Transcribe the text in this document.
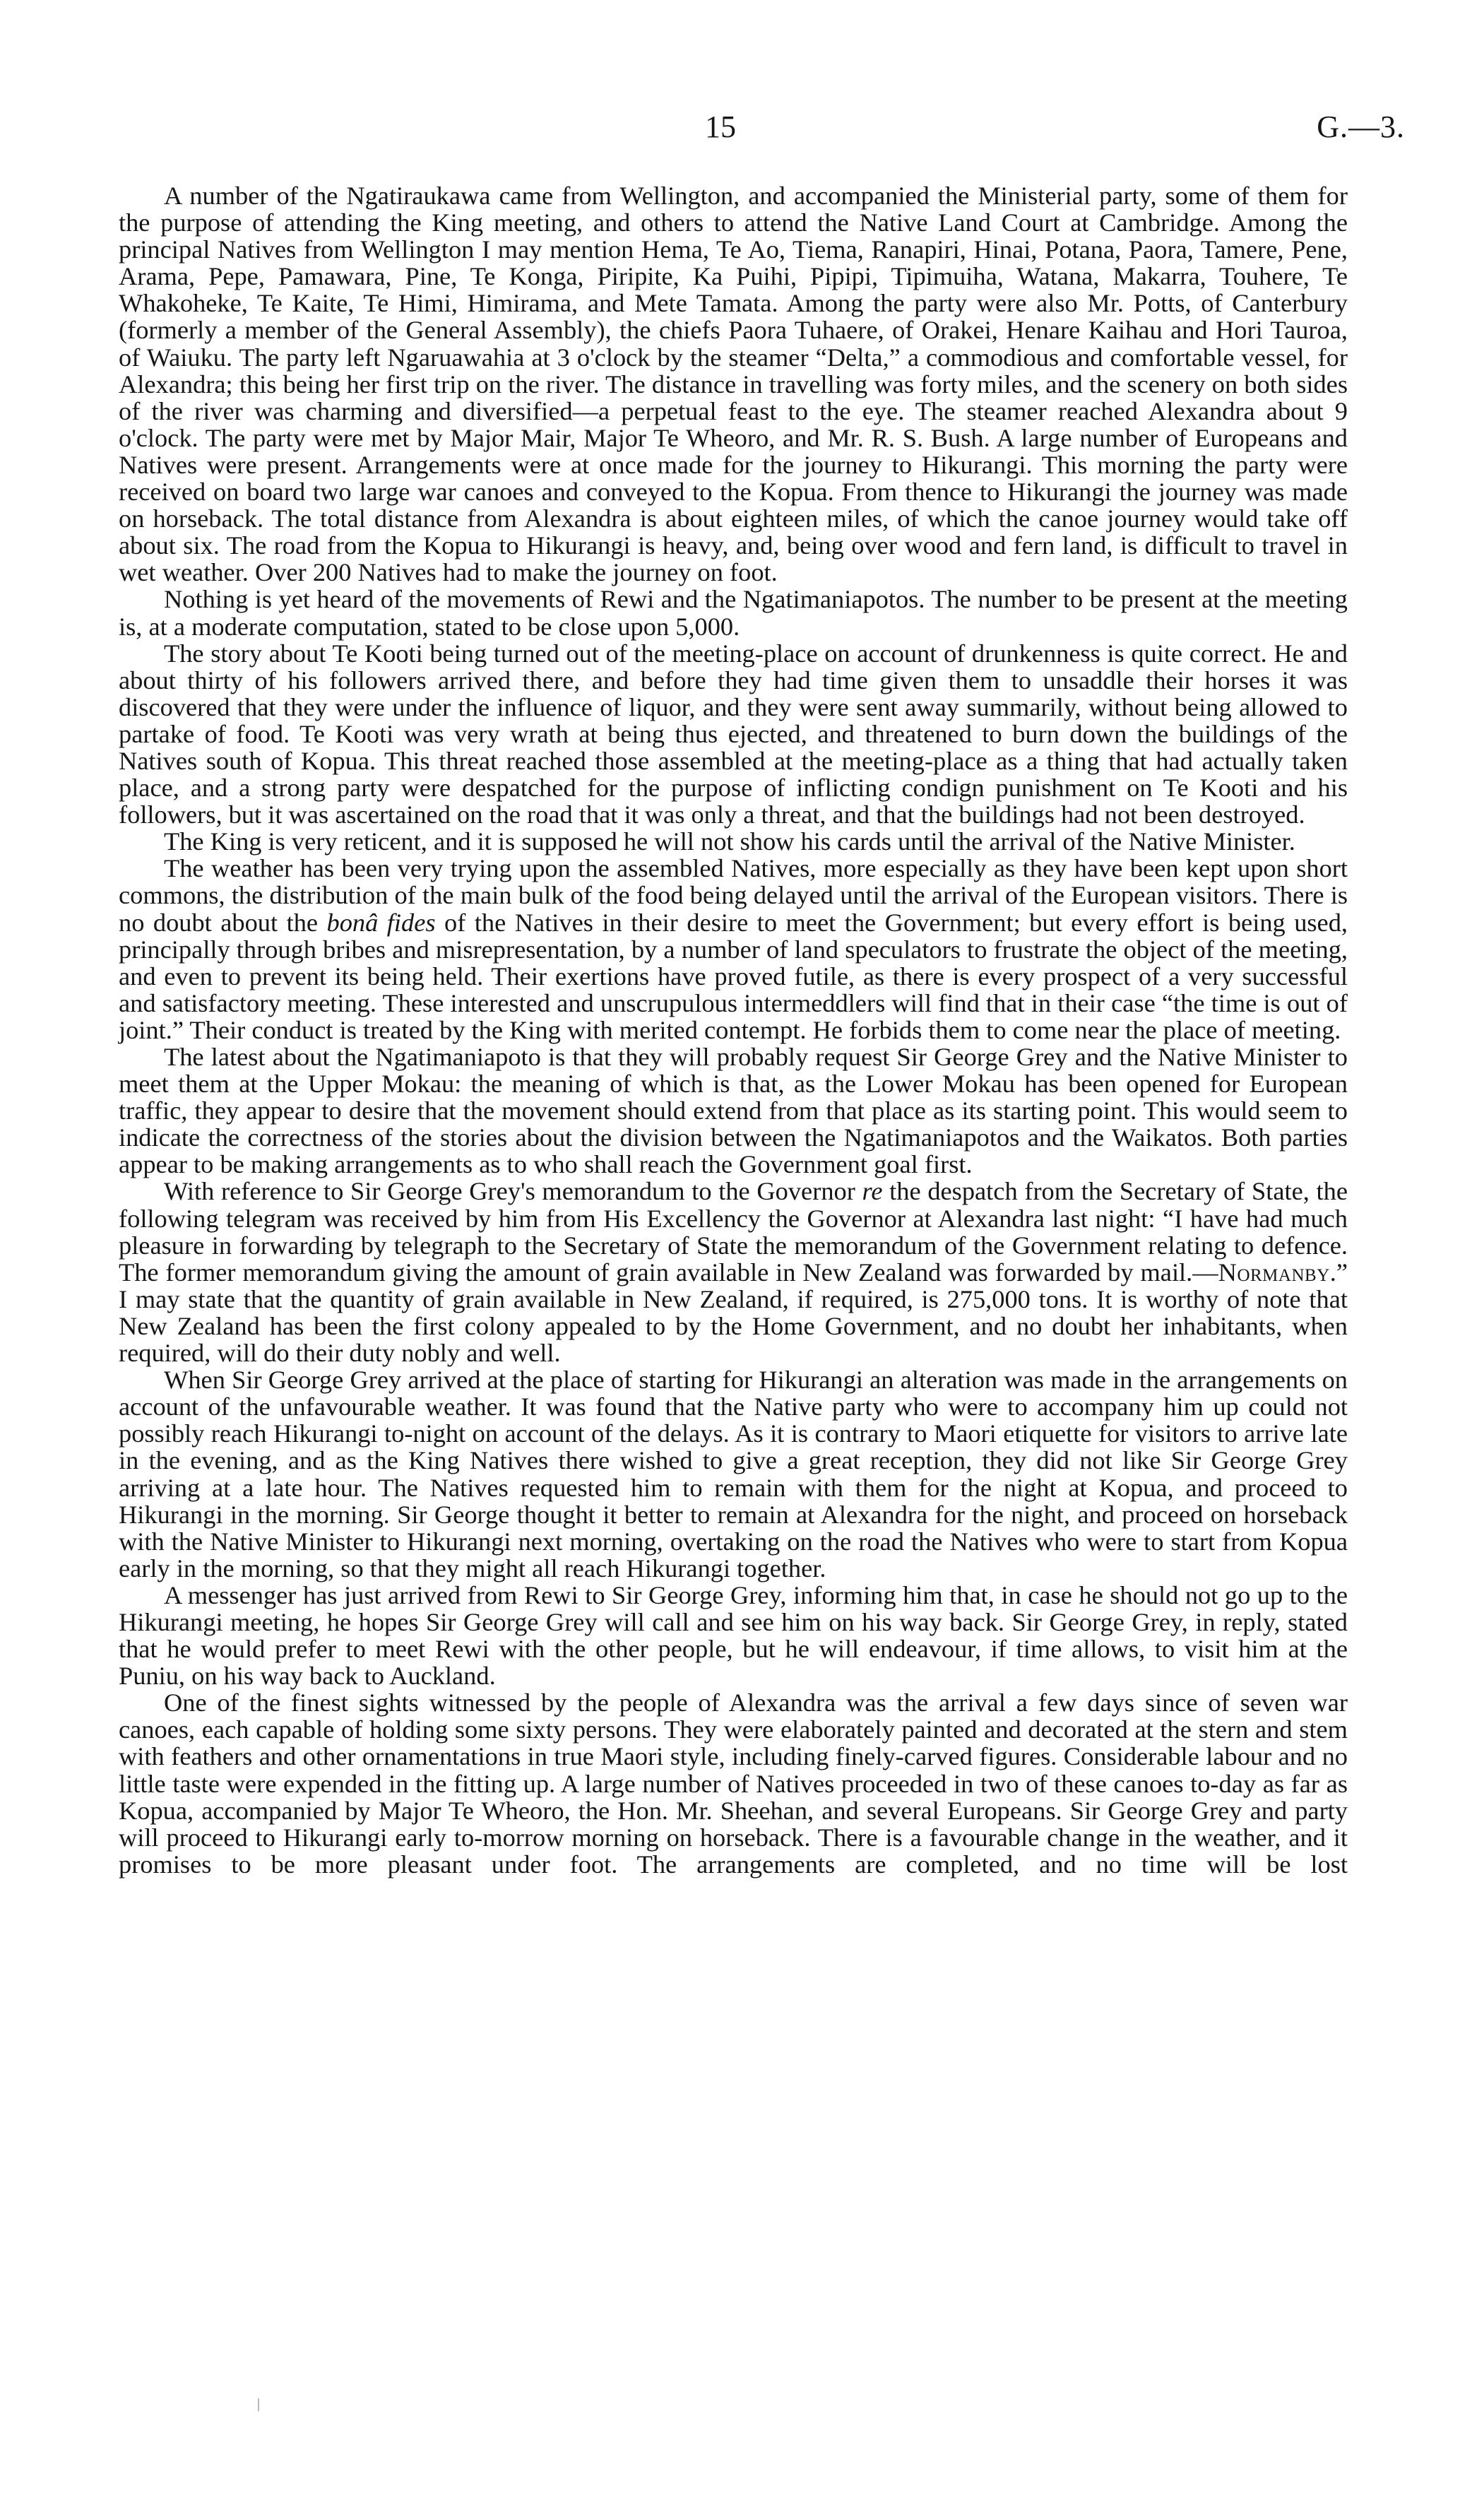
15	G.—3.

A number of the Ngatiraukawa came from Wellington, and accompanied the Ministerial party, some of them for the purpose of attending the King meeting, and others to attend the Native Land Court at Cambridge. Among the principal Natives from Wellington I may mention Hema, Te Ao, Tiema, Ranapiri, Hinai, Potana, Paora, Tamere, Pene, Arama, Pepe, Pamawara, Pine, Te Konga, Piripite, Ka Puihi, Pipipi, Tipimuiha, Watana, Makarra, Touhere, Te Whakoheke, Te Kaite, Te Himi, Himirama, and Mete Tamata. Among the party were also Mr. Potts, of Canterbury (formerly a member of the General Assembly), the chiefs Paora Tuhaere, of Orakei, Henare Kaihau and Hori Tauroa, of Waiuku. The party left Ngaruawahia at 3 o'clock by the steamer “Delta,” a commodious and comfortable vessel, for Alexandra; this being her first trip on the river. The distance in travelling was forty miles, and the scenery on both sides of the river was charming and diversified—a perpetual feast to the eye. The steamer reached Alexandra about 9 o'clock. The party were met by Major Mair, Major Te Wheoro, and Mr. R. S. Bush. A large number of Europeans and Natives were present. Arrangements were at once made for the journey to Hikurangi. This morning the party were received on board two large war canoes and conveyed to the Kopua. From thence to Hikurangi the journey was made on horseback. The total distance from Alexandra is about eighteen miles, of which the canoe journey would take off about six. The road from the Kopua to Hikurangi is heavy, and, being over wood and fern land, is difficult to travel in wet weather. Over 200 Natives had to make the journey on foot.

Nothing is yet heard of the movements of Rewi and the Ngatimaniapotos. The number to be present at the meeting is, at a moderate computation, stated to be close upon 5,000.

The story about Te Kooti being turned out of the meeting-place on account of drunkenness is quite correct. He and about thirty of his followers arrived there, and before they had time given them to unsaddle their horses it was discovered that they were under the influence of liquor, and they were sent away summarily, without being allowed to partake of food. Te Kooti was very wrath at being thus ejected, and threatened to burn down the buildings of the Natives south of Kopua. This threat reached those assembled at the meeting-place as a thing that had actually taken place, and a strong party were despatched for the purpose of inflicting condign punishment on Te Kooti and his followers, but it was ascertained on the road that it was only a threat, and that the buildings had not been destroyed.

The King is very reticent, and it is supposed he will not show his cards until the arrival of the Native Minister.

The weather has been very trying upon the assembled Natives, more especially as they have been kept upon short commons, the distribution of the main bulk of the food being delayed until the arrival of the European visitors. There is no doubt about the bonâ fides of the Natives in their desire to meet the Government; but every effort is being used, principally through bribes and misrepresentation, by a number of land speculators to frustrate the object of the meeting, and even to prevent its being held. Their exertions have proved futile, as there is every prospect of a very successful and satisfactory meeting. These interested and unscrupulous intermeddlers will find that in their case “the time is out of joint.” Their conduct is treated by the King with merited contempt. He forbids them to come near the place of meeting.

The latest about the Ngatimaniapoto is that they will probably request Sir George Grey and the Native Minister to meet them at the Upper Mokau: the meaning of which is that, as the Lower Mokau has been opened for European traffic, they appear to desire that the movement should extend from that place as its starting point. This would seem to indicate the correctness of the stories about the division between the Ngatimaniapotos and the Waikatos. Both parties appear to be making arrangements as to who shall reach the Government goal first.

With reference to Sir George Grey's memorandum to the Governor re the despatch from the Secretary of State, the following telegram was received by him from His Excellency the Governor at Alexandra last night: “I have had much pleasure in forwarding by telegraph to the Secretary of State the memorandum of the Government relating to defence. The former memorandum giving the amount of grain available in New Zealand was forwarded by mail.—Normanby.” I may state that the quantity of grain available in New Zealand, if required, is 275,000 tons. It is worthy of note that New Zealand has been the first colony appealed to by the Home Government, and no doubt her inhabitants, when required, will do their duty nobly and well.

When Sir George Grey arrived at the place of starting for Hikurangi an alteration was made in the arrangements on account of the unfavourable weather. It was found that the Native party who were to accompany him up could not possibly reach Hikurangi to-night on account of the delays. As it is contrary to Maori etiquette for visitors to arrive late in the evening, and as the King Natives there wished to give a great reception, they did not like Sir George Grey arriving at a late hour. The Natives requested him to remain with them for the night at Kopua, and proceed to Hikurangi in the morning. Sir George thought it better to remain at Alexandra for the night, and proceed on horseback with the Native Minister to Hikurangi next morning, overtaking on the road the Natives who were to start from Kopua early in the morning, so that they might all reach Hikurangi together.

A messenger has just arrived from Rewi to Sir George Grey, informing him that, in case he should not go up to the Hikurangi meeting, he hopes Sir George Grey will call and see him on his way back. Sir George Grey, in reply, stated that he would prefer to meet Rewi with the other people, but he will endeavour, if time allows, to visit him at the Puniu, on his way back to Auckland.

One of the finest sights witnessed by the people of Alexandra was the arrival a few days since of seven war canoes, each capable of holding some sixty persons. They were elaborately painted and decorated at the stern and stem with feathers and other ornamentations in true Maori style, including finely-carved figures. Considerable labour and no little taste were expended in the fitting up. A large number of Natives proceeded in two of these canoes to-day as far as Kopua, accompanied by Major Te Wheoro, the Hon. Mr. Sheehan, and several Europeans. Sir George Grey and party will proceed to Hikurangi early to-morrow morning on horseback. There is a favourable change in the weather, and it promises to be more pleasant under foot. The arrangements are completed, and no time will be lost
